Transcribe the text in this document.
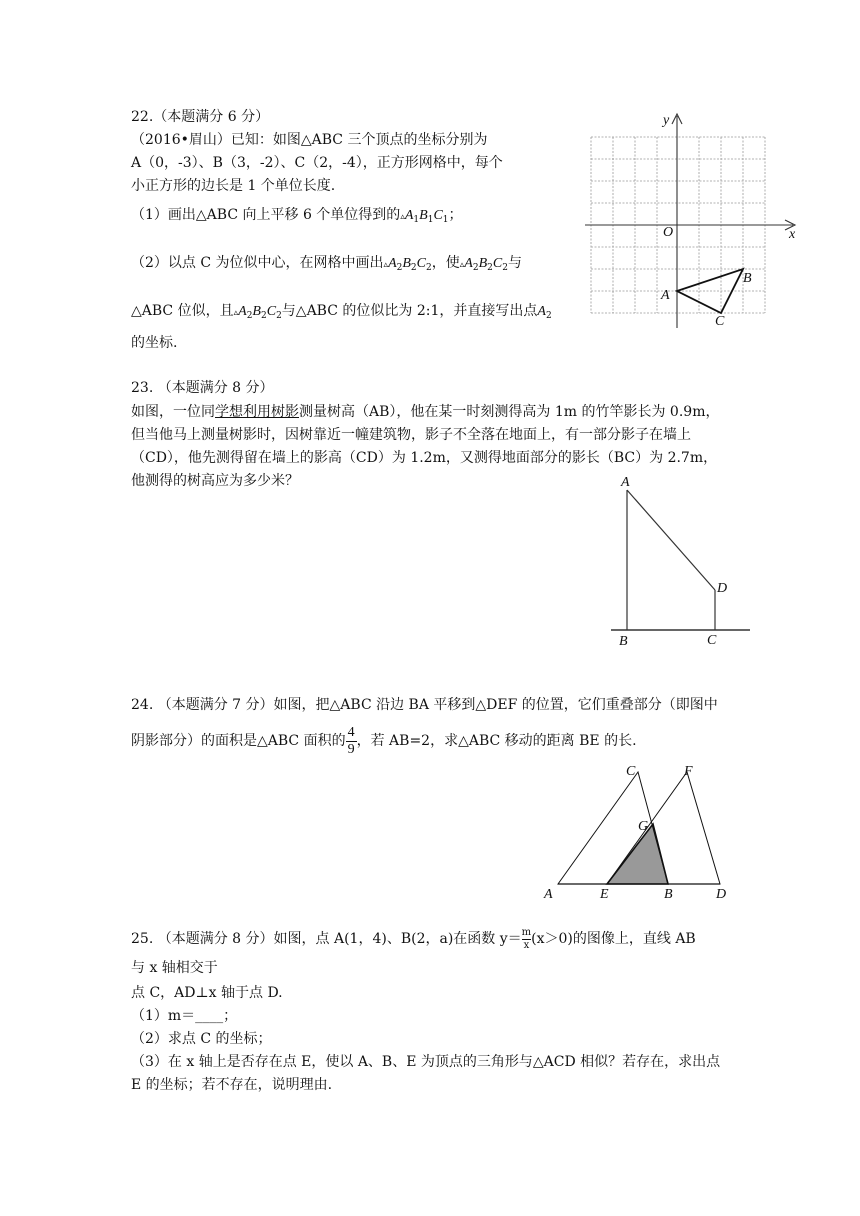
22.（本题满分 6 分）
（2016•眉山）已知：如图△ABC 三个顶点的坐标分别为
A（0，-3）、B（3，-2）、C（2，-4），正方形网格中，每个
小正方形的边长是 1 个单位长度.
（1）画出△ABC 向上平移 6 个单位得到的$▵A_1B_1C_1$；
（2）以点 C 为位似中心，在网格中画出$▵A_2B_2C_2$，使$▵A_2B_2C_2$与
△ABC 位似，且$▵A_2B_2C_2$与△ABC 的位似比为 2:1，并直接写出点$A_2$
的坐标.
x
y
O
A
B
C
23. （本题满分 8 分）
如图，一位同学想利用树影测量树高（AB），他在某一时刻测得高为 1m 的竹竿影长为 0.9m，
但当他马上测量树影时，因树靠近一幢建筑物，影子不全落在地面上，有一部分影子在墙上
（CD），他先测得留在墙上的影高（CD）为 1.2m，又测得地面部分的影长（BC）为 2.7m，
他测得的树高应为多少米？	A
B	C
D
24. （本题满分 7 分）如图，把△ABC 沿边 BA 平移到△DEF 的位置，它们重叠部分（即图中
阴影部分）的面积是△ABC 面积的 $\frac{4}{9}$ ，若 AB=2，求△ABC 移动的距离 BE 的长.
A	E	B	D
C	F
G
25. （本题满分 8 分）如图，点 A(1，4)、B(2，a)在函数 $y= \frac{m}{x} (x>0)$的图像上，直线 AB
与 x 轴相交于
点 C，AD⊥x 轴于点 D.
（1）m＝____；
（2）求点 C 的坐标；
（3）在 x 轴上是否存在点 E，使以 A、B、E 为顶点的三角形与△ACD 相似？若存在，求出点
E 的坐标；若不存在，说明理由.
